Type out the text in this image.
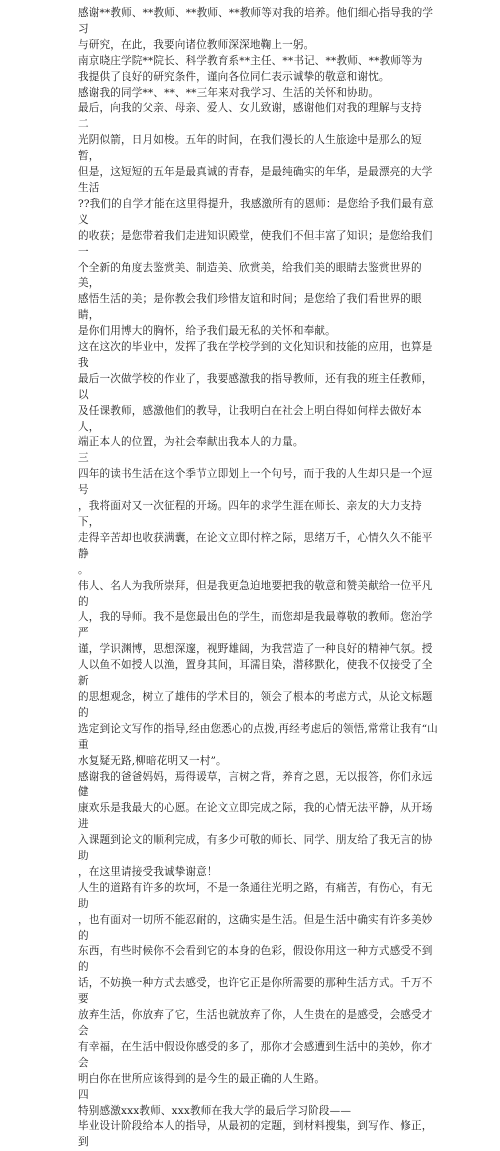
感谢**教师、**教师、**教师、**教师等对我的培养。他们细心指导我的学习

与研究，在此，我要向诸位教师深深地鞠上一躬。

南京晓庄学院**院长、科学教育系**主任、**书记、**教师、**教师等为

我提供了良好的研究条件，谨向各位同仁表示诚挚的敬意和谢忱。

感谢我的同学**、**、**三年来对我学习、生活的关怀和协助。

最后，向我的父亲、母亲、爱人、女儿致谢，感谢他们对我的理解与支持

二

光阴似箭，日月如梭。五年的时间，在我们漫长的人生旅途中是那么的短暂，

但是，这短短的五年是最真诚的青春，是最纯确实的年华，是最漂亮的大学生活

??我们的自学才能在这里得提升，我感激所有的恩师：是您给予我们最有意义

的收获；是您带着我们走进知识殿堂，使我们不但丰富了知识；是您给我们一

个全新的角度去鉴赏美、制造美、欣赏美，给我们美的眼睛去鉴赏世界的美，

感悟生活的美；是你教会我们珍惜友谊和时间；是您给了我们看世界的眼睛，

是你们用博大的胸怀，给予我们最无私的关怀和奉献。

这在这次的毕业中，发挥了我在学校学到的文化知识和技能的应用，也算是我

最后一次做学校的作业了，我要感激我的指导教师，还有我的班主任教师，以

及任课教师，感激他们的教导，让我明白在社会上明白得如何样去做好本人，

端正本人的位置，为社会奉献出我本人的力量。

三

四年的读书生活在这个季节立即划上一个句号，而于我的人生却只是一个逗号

，我将面对又一次征程的开场。四年的求学生涯在师长、亲友的大力支持下，

走得辛苦却也收获满囊，在论文立即付梓之际，思绪万千，心情久久不能平静

。

伟人、名人为我所崇拜，但是我更急迫地要把我的敬意和赞美献给一位平凡的

人，我的导师。我不是您最出色的学生，而您却是我最尊敬的教师。您治学严

谨，学识渊博，思想深邃，视野雄阔，为我营造了一种良好的精神气氛。授

人以鱼不如授人以渔，置身其间，耳濡目染，潜移默化，使我不仅接受了全新

的思想观念，树立了雄伟的学术目的，领会了根本的考虑方式，从论文标题的

选定到论文写作的指导,经由您悉心的点拨,再经考虑后的领悟,常常让我有“山重

水复疑无路,柳暗花明又一村”。

感谢我的爸爸妈妈，焉得谖草，言树之背，养育之恩，无以报答，你们永远健

康欢乐是我最大的心愿。在论文立即完成之际，我的心情无法平静，从开场进

入课题到论文的顺利完成，有多少可敬的师长、同学、朋友给了我无言的协助

，在这里请接受我诚挚谢意！

人生的道路有许多的坎坷，不是一条通往光明之路，有痛苦，有伤心，有无助

，也有面对一切所不能忍耐的，这确实是生活。但是生活中确实有许多美妙的

东西，有些时候你不会看到它的本身的色彩，假设你用这一种方式感受不到的

话，不妨换一种方式去感受，也许它正是你所需要的那种生活方式。千万不要

放弃生活，你放弃了它，生活也就放弃了你，人生贵在的是感受，会感受才会

有幸福，在生活中假设你感受的多了，那你才会感遭到生活中的美妙，你才会

明白你在世所应该得到的是今生的最正确的人生路。

四

特别感激xxx教师、xxx教师在我大学的最后学习阶段——

毕业设计阶段给本人的指导，从最初的定题，到材料搜集，到写作、修正，到
